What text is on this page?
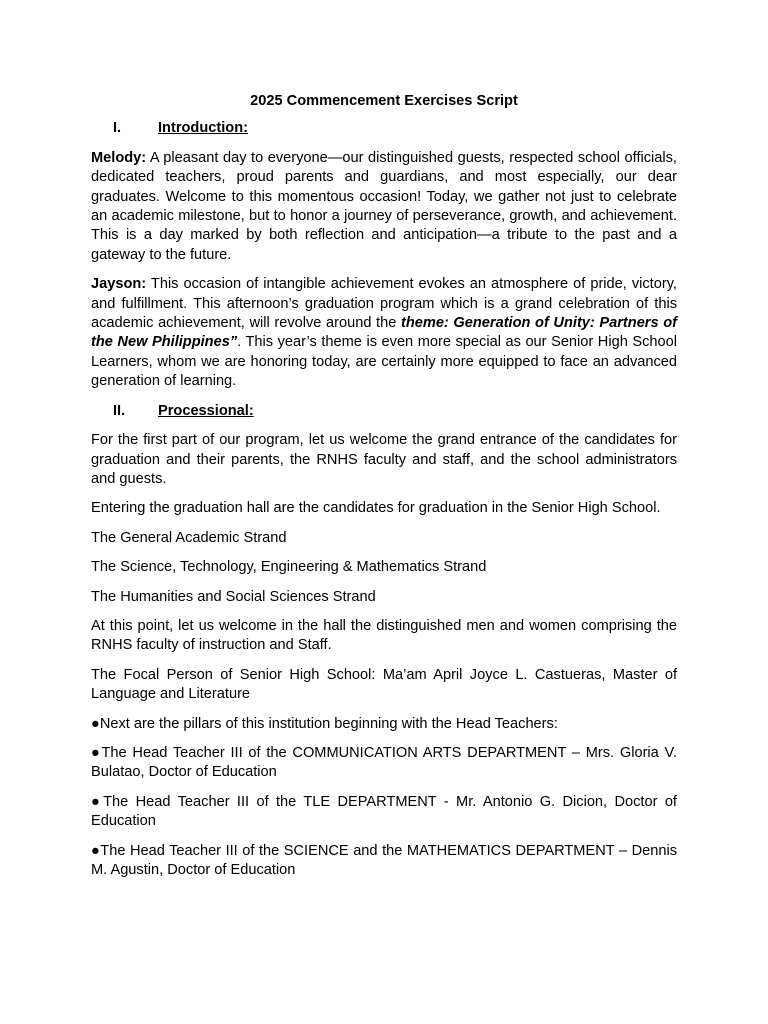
2025 Commencement Exercises Script
I.	Introduction:

Melody: A pleasant day to everyone—our distinguished guests, respected school officials, dedicated teachers, proud parents and guardians, and most especially, our dear graduates. Welcome to this momentous occasion! Today, we gather not just to celebrate an academic milestone, but to honor a journey of perseverance, growth, and achievement. This is a day marked by both reflection and anticipation—a tribute to the past and a gateway to the future.

Jayson: This occasion of intangible achievement evokes an atmosphere of pride, victory, and fulfillment. This afternoon’s graduation program which is a grand celebration of this academic achievement, will revolve around the theme: Generation of Unity: Partners of the New Philippines”. This year’s theme is even more special as our Senior High School Learners, whom we are honoring today, are certainly more equipped to face an advanced generation of learning.

II.	Processional:

For the first part of our program, let us welcome the grand entrance of the candidates for graduation and their parents, the RNHS faculty and staff, and the school administrators and guests.

Entering the graduation hall are the candidates for graduation in the Senior High School.

The General Academic Strand

The Science, Technology, Engineering & Mathematics Strand

The Humanities and Social Sciences Strand

At this point, let us welcome in the hall the distinguished men and women comprising the RNHS faculty of instruction and Staff.

The Focal Person of Senior High School: Ma’am April Joyce L. Castueras, Master of Language and Literature

●Next are the pillars of this institution beginning with the Head Teachers:

●The Head Teacher III of the COMMUNICATION ARTS DEPARTMENT – Mrs. Gloria V. Bulatao, Doctor of Education

●The Head Teacher III of the TLE DEPARTMENT - Mr. Antonio G. Dicion, Doctor of Education

●The Head Teacher III of the SCIENCE and the MATHEMATICS DEPARTMENT – Dennis M. Agustin, Doctor of Education
